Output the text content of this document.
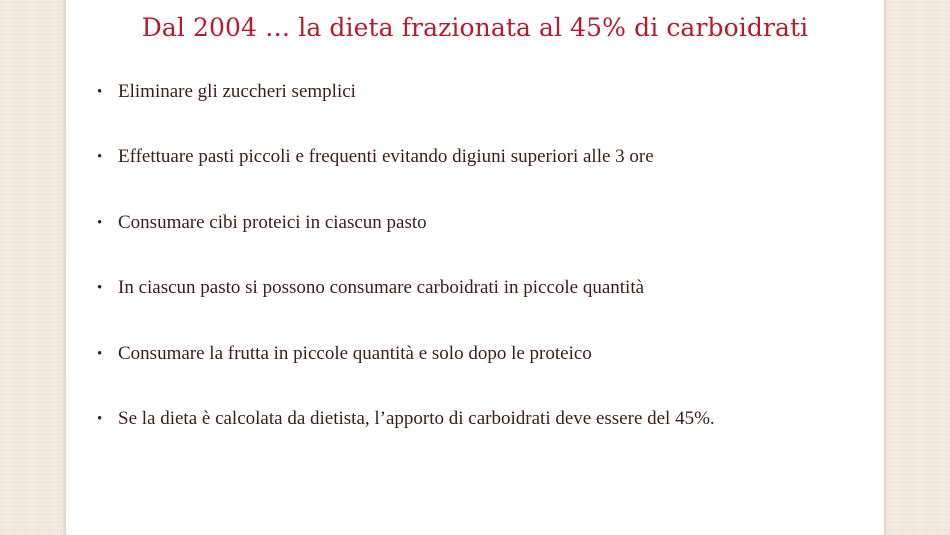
Dal 2004 … la dieta frazionata al 45% di carboidrati
• Eliminare gli zuccheri semplici
• Effettuare pasti piccoli e frequenti evitando digiuni superiori alle 3 ore
• Consumare cibi proteici in ciascun pasto
• In ciascun pasto si possono consumare carboidrati in piccole quantità
• Consumare la frutta in piccole quantità e solo dopo le proteico
• Se la dieta è calcolata da dietista, l’apporto di carboidrati deve essere del 45%.
